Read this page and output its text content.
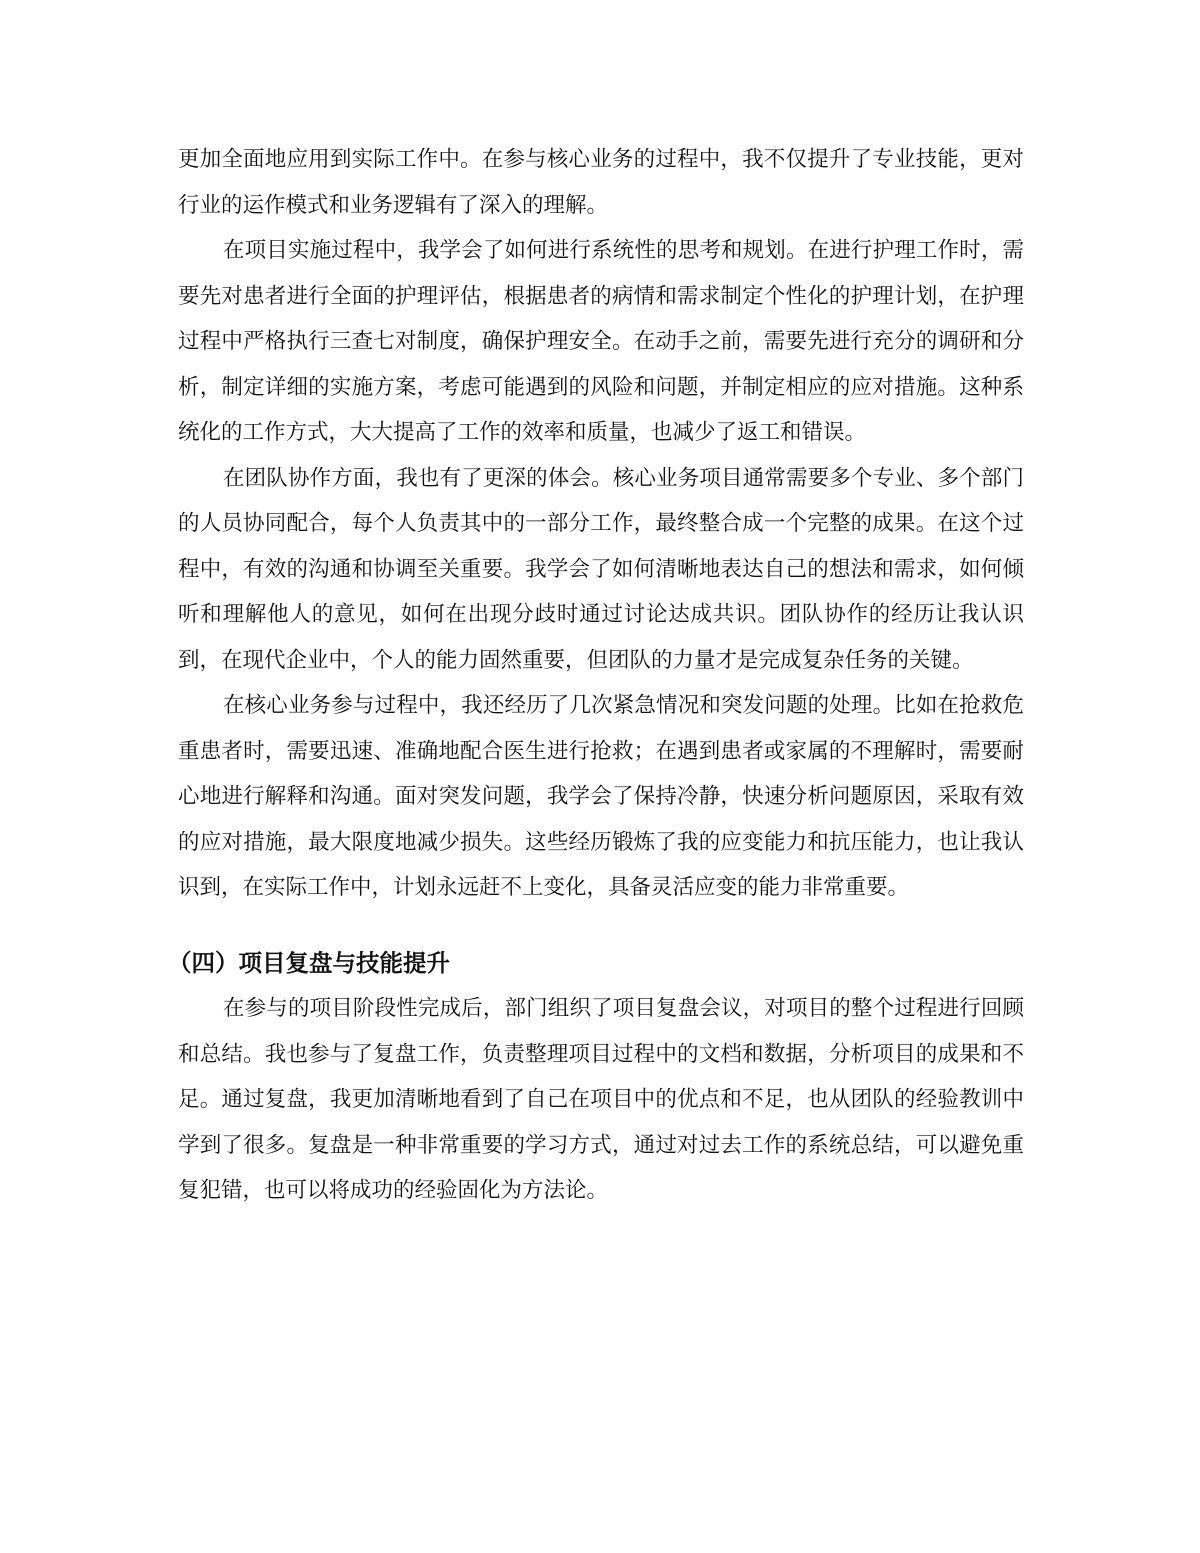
更加全面地应用到实际工作中。在参与核心业务的过程中，我不仅提升了专业技能，更对行业的运作模式和业务逻辑有了深入的理解。

在项目实施过程中，我学会了如何进行系统性的思考和规划。在进行护理工作时，需要先对患者进行全面的护理评估，根据患者的病情和需求制定个性化的护理计划，在护理过程中严格执行三查七对制度，确保护理安全。在动手之前，需要先进行充分的调研和分析，制定详细的实施方案，考虑可能遇到的风险和问题，并制定相应的应对措施。这种系统化的工作方式，大大提高了工作的效率和质量，也减少了返工和错误。

在团队协作方面，我也有了更深的体会。核心业务项目通常需要多个专业、多个部门的人员协同配合，每个人负责其中的一部分工作，最终整合成一个完整的成果。在这个过程中，有效的沟通和协调至关重要。我学会了如何清晰地表达自己的想法和需求，如何倾听和理解他人的意见，如何在出现分歧时通过讨论达成共识。团队协作的经历让我认识到，在现代企业中，个人的能力固然重要，但团队的力量才是完成复杂任务的关键。

在核心业务参与过程中，我还经历了几次紧急情况和突发问题的处理。比如在抢救危重患者时，需要迅速、准确地配合医生进行抢救；在遇到患者或家属的不理解时，需要耐心地进行解释和沟通。面对突发问题，我学会了保持冷静，快速分析问题原因，采取有效的应对措施，最大限度地减少损失。这些经历锻炼了我的应变能力和抗压能力，也让我认识到，在实际工作中，计划永远赶不上变化，具备灵活应变的能力非常重要。

（四）项目复盘与技能提升

在参与的项目阶段性完成后，部门组织了项目复盘会议，对项目的整个过程进行回顾和总结。我也参与了复盘工作，负责整理项目过程中的文档和数据，分析项目的成果和不足。通过复盘，我更加清晰地看到了自己在项目中的优点和不足，也从团队的经验教训中学到了很多。复盘是一种非常重要的学习方式，通过对过去工作的系统总结，可以避免重复犯错，也可以将成功的经验固化为方法论。
